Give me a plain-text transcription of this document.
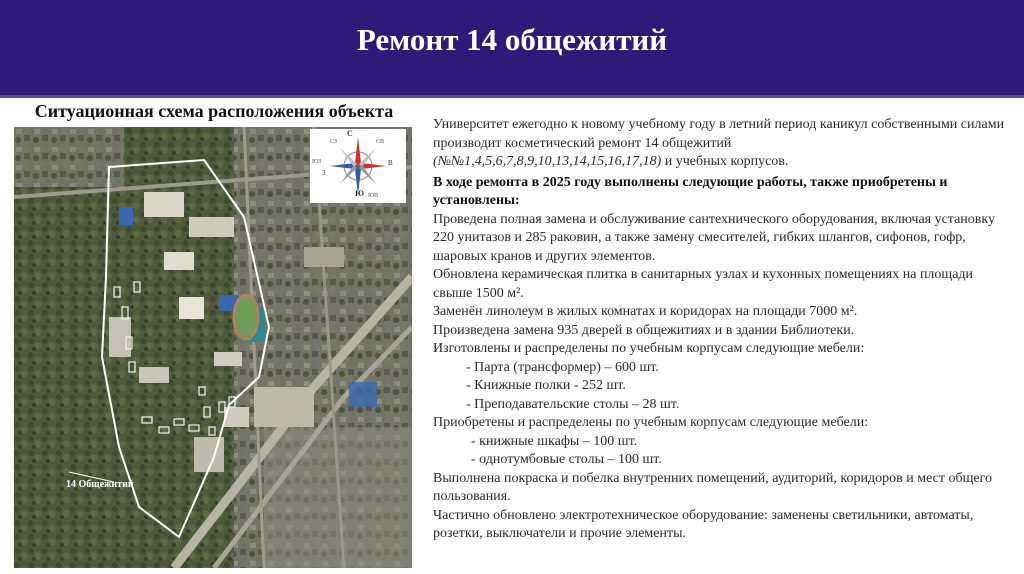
Ремонт 14 общежитий
Ситуационная схема расположения объекта
14 Общежитий
С
Ю
З
В
СЗ	СВ
ЮЗ
ЮВ

Университет ежегодно к новому учебному году в летний период каникул собственными силами производит косметический ремонт 14 общежитий
(№№1,4,5,6,7,8,9,10,13,14,15,16,17,18) и учебных корпусов.

В ходе ремонта в 2025 году выполнены следующие работы, также приобретены и установлены:

Проведена полная замена и обслуживание сантехнического оборудования, включая установку 220 унитазов и 285 раковин, а также замену смесителей, гибких шлангов, сифонов, гофр, шаровых кранов и других элементов.

Обновлена керамическая плитка в санитарных узлах и кухонных помещениях на площади свыше 1500 м².

Заменён линолеум в жилых комнатах и коридорах на площади 7000 м².

Произведена замена 935 дверей в общежитиях и в здании Библиотеки.

Изготовлены и распределены по учебным корпусам следующие мебели:

- Парта (трансформер) – 600 шт.

- Книжные полки - 252 шт.

- Преподавательские столы – 28 шт.

Приобретены и распределены по учебным корпусам следующие мебели:

- книжные шкафы – 100 шт.

- однотумбовые столы – 100 шт.

Выполнена покраска и побелка внутренних помещений, аудиторий, коридоров и мест общего пользования.

Частично обновлено электротехническое оборудование: заменены светильники, автоматы, розетки, выключатели и прочие элементы.
